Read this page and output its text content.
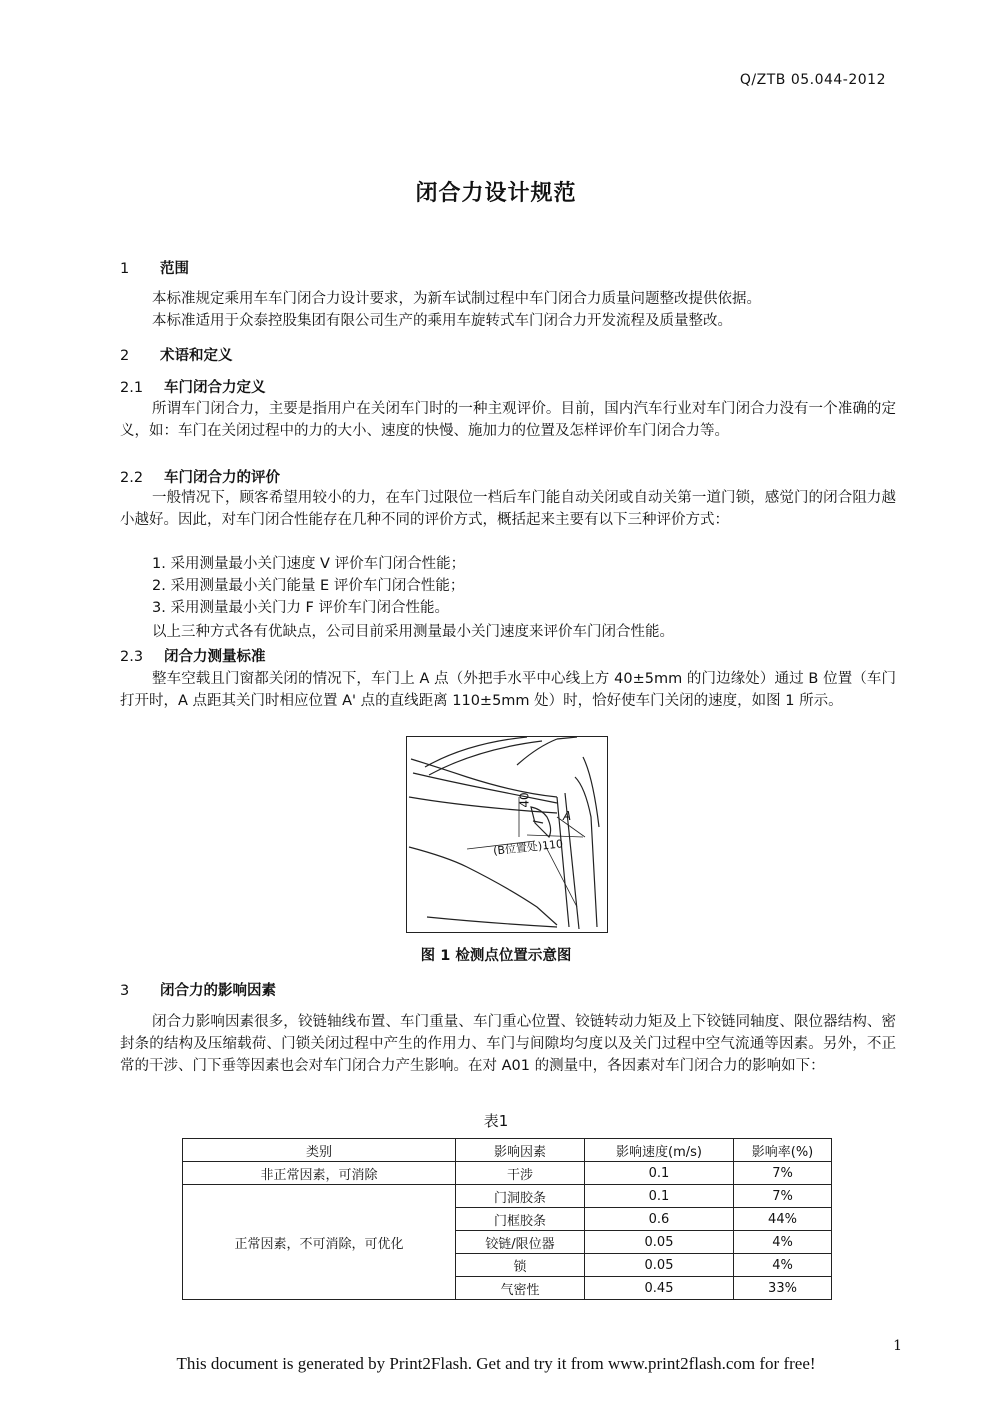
Q/ZTB 05.044-2012
闭合力设计规范
1 范围
本标准规定乘用车车门闭合力设计要求，为新车试制过程中车门闭合力质量问题整改提供依据。
本标准适用于众泰控股集团有限公司生产的乘用车旋转式车门闭合力开发流程及质量整改。
2 术语和定义
2.1 车门闭合力定义
所谓车门闭合力，主要是指用户在关闭车门时的一种主观评价。目前，国内汽车行业对车门闭合力没有一个准确的定义，如：车门在关闭过程中的力的大小、速度的快慢、施加力的位置及怎样评价车门闭合力等。
2.2 车门闭合力的评价
一般情况下，顾客希望用较小的力，在车门过限位一档后车门能自动关闭或自动关第一道门锁，感觉门的闭合阻力越小越好。因此，对车门闭合性能存在几种不同的评价方式，概括起来主要有以下三种评价方式：
1. 采用测量最小关门速度 V 评价车门闭合性能；
2. 采用测量最小关门能量 E 评价车门闭合性能；
3. 采用测量最小关门力 F 评价车门闭合性能。
以上三种方式各有优缺点，公司目前采用测量最小关门速度来评价车门闭合性能。
2.3 闭合力测量标准
整车空载且门窗都关闭的情况下，车门上 A 点（外把手水平中心线上方 40±5mm 的门边缘处）通过 B 位置（车门打开时，A 点距其关门时相应位置 A' 点的直线距离 110±5mm 处）时，恰好使车门关闭的速度，如图 1 所示。
40
A
(B位置处)110
图 1 检测点位置示意图
3 闭合力的影响因素
闭合力影响因素很多，铰链轴线布置、车门重量、车门重心位置、铰链转动力矩及上下铰链同轴度、限位器结构、密封条的结构及压缩载荷、门锁关闭过程中产生的作用力、车门与间隙均匀度以及关门过程中空气流通等因素。另外，不正常的干涉、门下垂等因素也会对车门闭合力产生影响。在对 A01 的测量中，各因素对车门闭合力的影响如下：
表1
类别	影响因素	影响速度(m/s)	影响率(%)
非正常因素，可消除	干涉	0.1	7%
正常因素，不可消除，可优化	门洞胶条	0.1	7%
	门框胶条	0.6	44%
	铰链/限位器	0.05	4%
	锁	0.05	4%
	气密性	0.45	33%
1
This document is generated by Print2Flash. Get and try it from www.print2flash.com for free!
